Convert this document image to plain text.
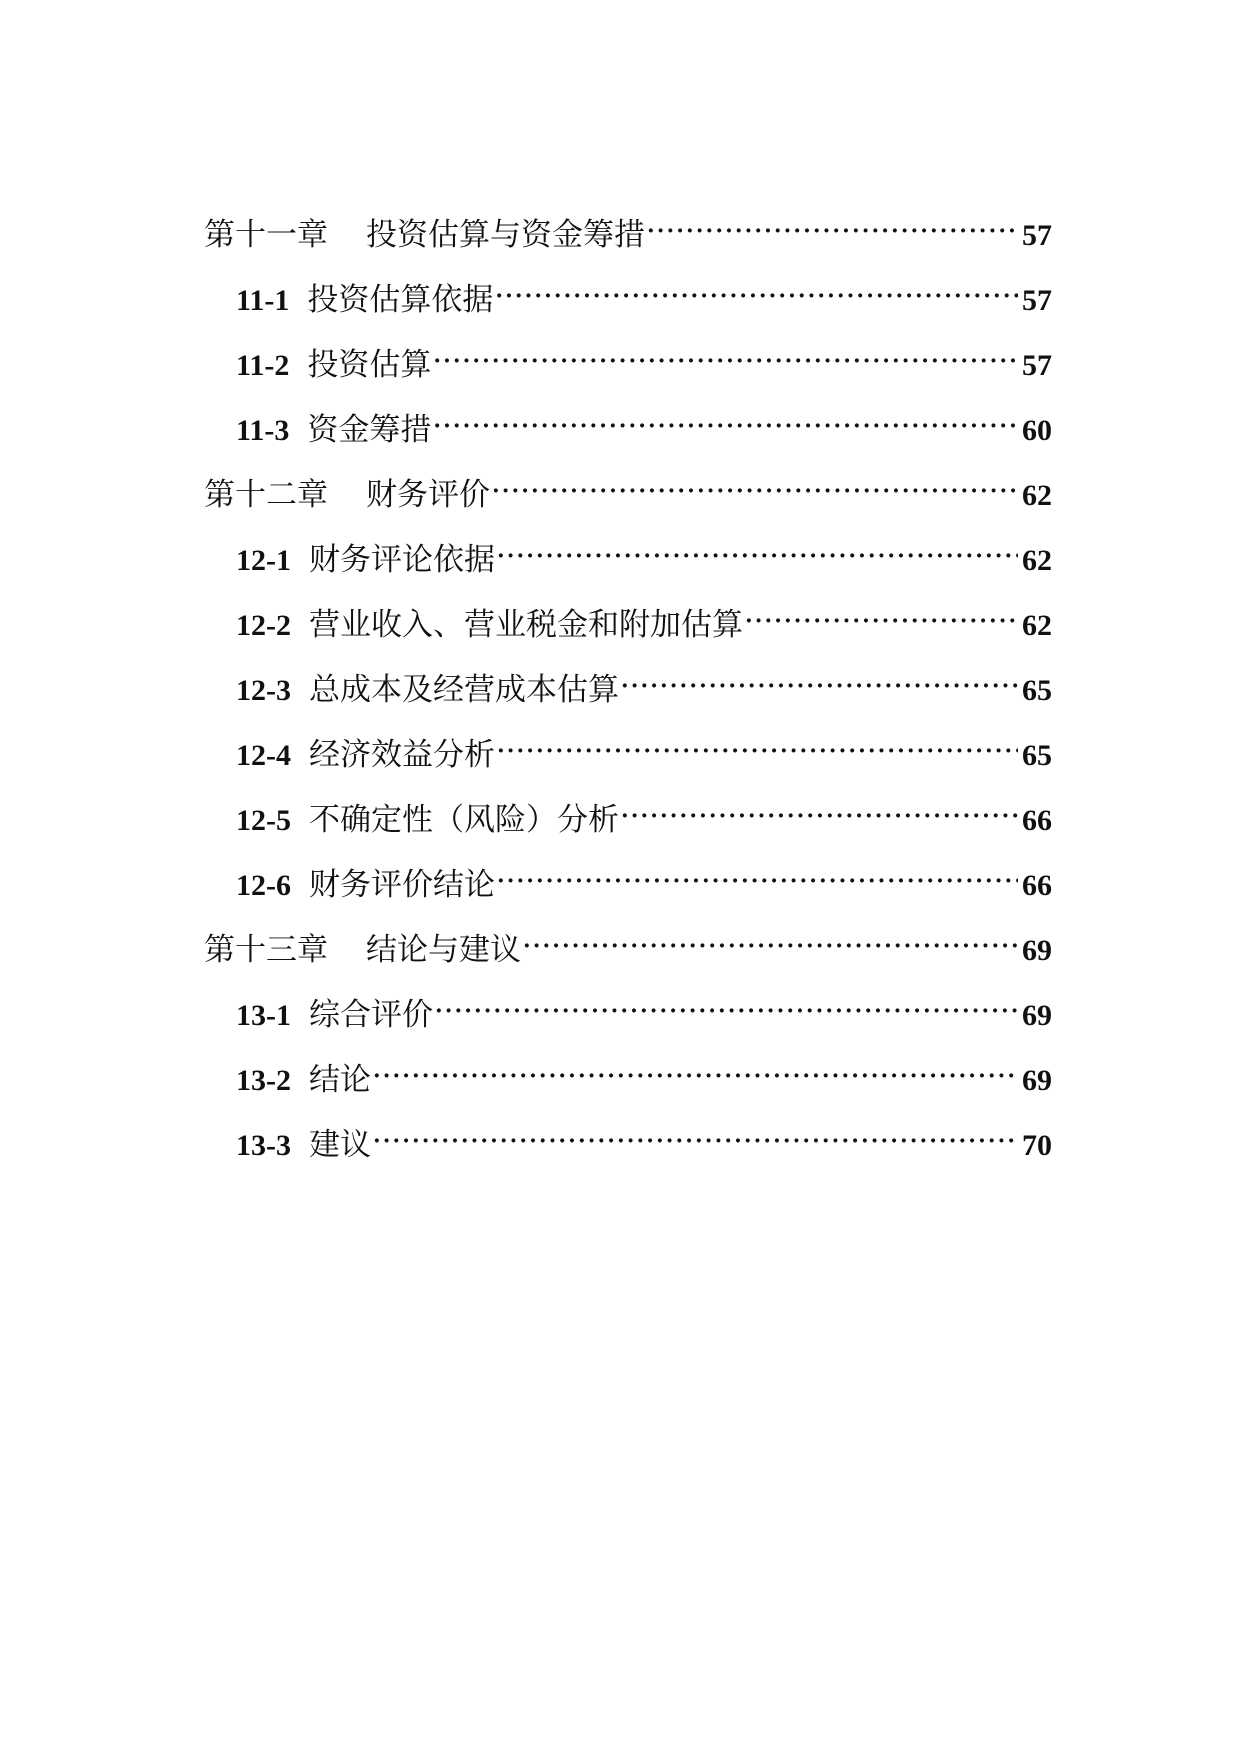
第十一章 投资估算与资金筹措 ·····	57
11-1 投资估算依据 ·····	57
11-2 投资估算 ·····	57
11-3 资金筹措 ·····	60
第十二章 财务评价 ·····	62
12-1 财务评论依据 ·····	62
12-2 营业收入、营业税金和附加估算 ·····	62
12-3 总成本及经营成本估算 ·····	65
12-4 经济效益分析 ·····	65
12-5 不确定性（风险）分析 ·····	66
12-6 财务评价结论 ·····	66
第十三章 结论与建议 ·····	69
13-1 综合评价 ·····	69
13-2 结论 ·····	69
13-3 建议 ·····	70
